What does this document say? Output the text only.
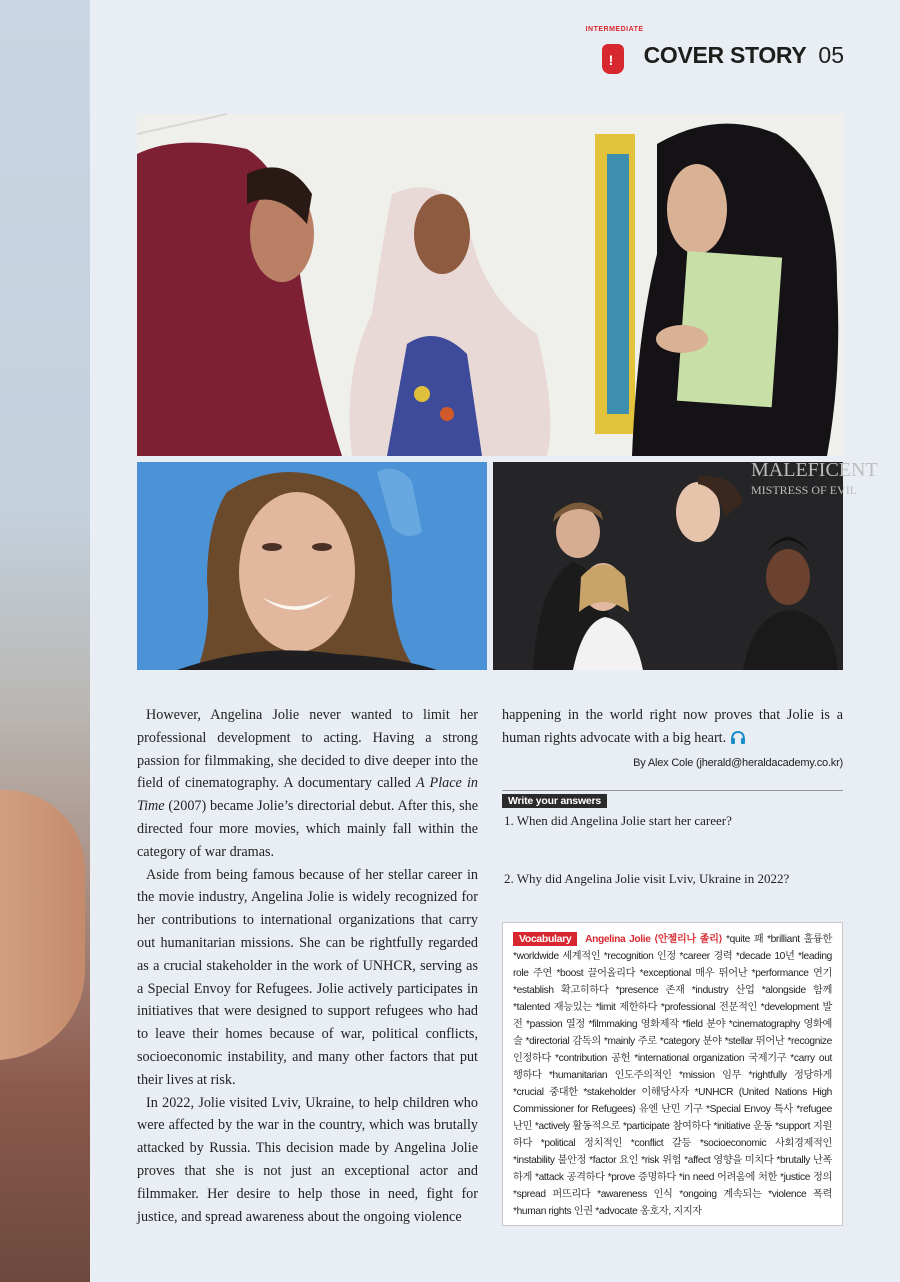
INTERMEDIATE
! COVER STORY 05
MALEFICENT
MISTRESS OF EVIL

However, Angelina Jolie never wanted to limit her professional development to acting. Having a strong passion for filmmaking, she decided to dive deeper into the field of cinematography. A documentary called A Place in Time (2007) became Jolie’s directorial debut. After this, she directed four more movies, which mainly fall within the category of war dramas.

Aside from being famous because of her stellar career in the movie industry, Angelina Jolie is widely recognized for her contributions to international organizations that carry out humanitarian missions. She can be rightfully regarded as a crucial stakeholder in the work of UNHCR, serving as a Special Envoy for Refugees. Jolie actively participates in initiatives that were designed to support refugees who had to leave their homes because of war, political conflicts, socioeconomic instability, and many other factors that put their lives at risk.

In 2022, Jolie visited Lviv, Ukraine, to help children who were affected by the war in the country, which was brutally attacked by Russia. This decision made by Angelina Jolie proves that she is not just an exceptional actor and filmmaker. Her desire to help those in need, fight for justice, and spread awareness about the ongoing violence

happening in the world right now proves that Jolie is a human rights advocate with a big heart.

By Alex Cole (jherald@heraldacademy.co.kr)
Write your answers
1. When did Angelina Jolie start her career?
2. Why did Angelina Jolie visit Lviv, Ukraine in 2022?
Vocabulary Angelina Jolie ⟨안젤리나 졸리⟩ *quite 꽤 *brilliant 훌륭한 *worldwide 세계적인 *recognition 인정 *career 경력 *decade 10년 *leading role 주연 *boost 끌어올리다 *exceptional 매우 뛰어난 *performance 연기 *establish 확고히하다 *presence 존재 *industry 산업 *alongside 함께 *talented 재능있는 *limit 제한하다 *professional 전문적인 *development 발전 *passion 열정 *filmmaking 영화제작 *field 분야 *cinematography 영화예술 *directorial 감독의 *mainly 주로 *category 분야 *stellar 뛰어난 *recognize 인정하다 *contribution 공헌 *international organization 국제기구 *carry out 행하다 *humanitarian 인도주의적인 *mission 임무 *rightfully 정당하게 *crucial 중대한 *stakeholder 이해당사자 *UNHCR (United Nations High Commissioner for Refugees) 유엔 난민 기구 *Special Envoy 특사 *refugee 난민 *actively 활동적으로 *participate 참여하다 *initiative 운동 *support 지원하다 *political 정치적인 *conflict 갈등 *socioeconomic 사회경제적인 *instability 불안정 *factor 요인 *risk 위험 *affect 영향을 미치다 *brutally 난폭하게 *attack 공격하다 *prove 증명하다 *in need 어려움에 처한 *justice 정의 *spread 퍼뜨리다 *awareness 인식 *ongoing 계속되는 *violence 폭력 *human rights 인권 *advocate 옹호자, 지지자
